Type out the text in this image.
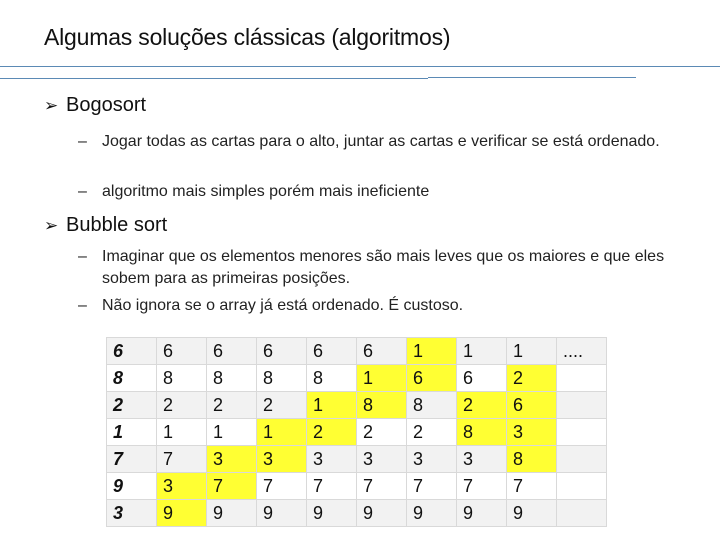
Algumas soluções clássicas (algoritmos)
➢ Bogosort
– Jogar todas as cartas para o alto, juntar as cartas e verificar se está ordenado.
– algoritmo mais simples porém mais ineficiente
➢ Bubble sort
– Imaginar que os elementos menores são mais leves que os maiores e que eles sobem para as primeiras posições.
– Não ignora se o array já está ordenado. É custoso.
6	6	6	6	6	6	1	1	1	....
8	8	8	8	8	1	6	6	2	
2	2	2	2	1	8	8	2	6	
1	1	1	1	2	2	2	8	3	
7	7	3	3	3	3	3	3	8	
9	3	7	7	7	7	7	7	7	
3	9	9	9	9	9	9	9	9	
